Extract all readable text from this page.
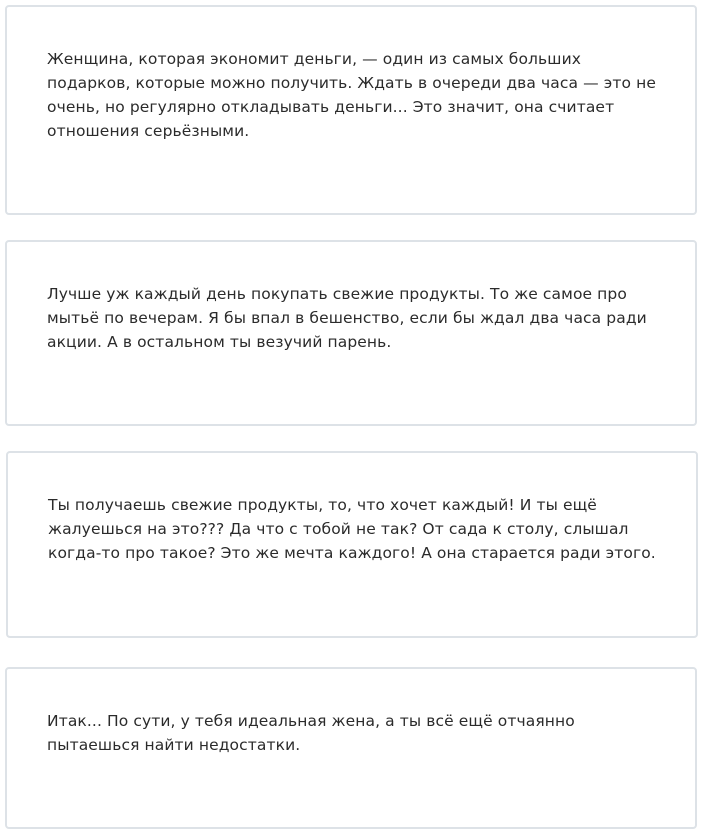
Женщина, которая экономит деньги, — один из самых больших подарков, которые можно получить. Ждать в очереди два часа — это не очень, но регулярно откладывать деньги... Это значит, она считает отношения серьёзными.

Лучше уж каждый день покупать свежие продукты. То же самое про мытьё по вечерам. Я бы впал в бешенство, если бы ждал два часа ради акции. А в остальном ты везучий парень.

Ты получаешь свежие продукты, то, что хочет каждый! И ты ещё жалуешься на это??? Да что с тобой не так? От сада к столу, слышал когда-то про такое? Это же мечта каждого! А она старается ради этого.

Итак... По сути, у тебя идеальная жена, а ты всё ещё отчаянно пытаешься найти недостатки.
